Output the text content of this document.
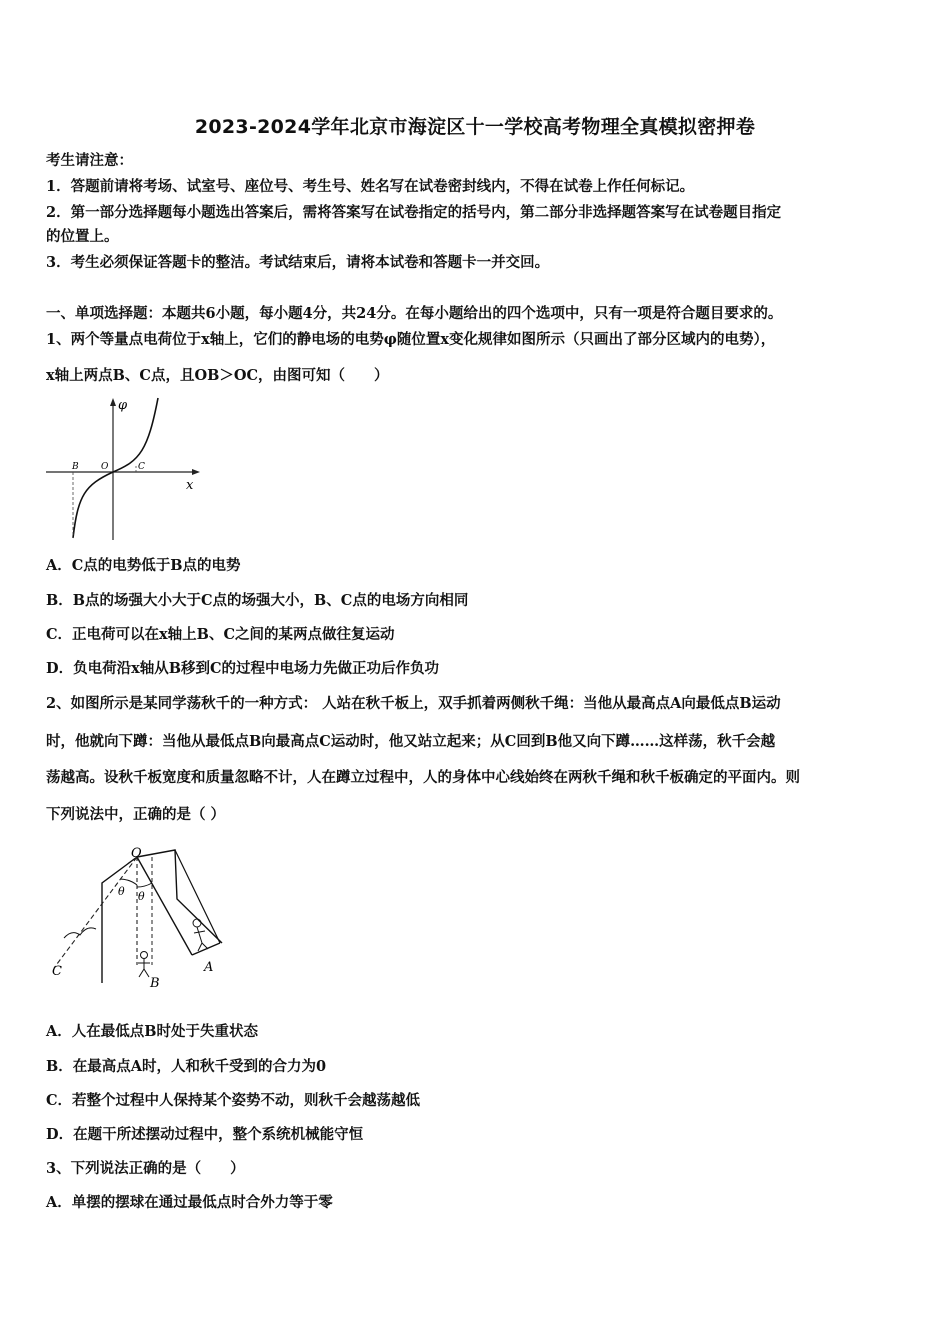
2023-2024学年北京市海淀区十一学校高考物理全真模拟密押卷
考生请注意：
1．答题前请将考场、试室号、座位号、考生号、姓名写在试卷密封线内，不得在试卷上作任何标记。
2．第一部分选择题每小题选出答案后，需将答案写在试卷指定的括号内，第二部分非选择题答案写在试卷题目指定
的位置上。
3．考生必须保证答题卡的整洁。考试结束后，请将本试卷和答题卡一并交回。
一、单项选择题：本题共6小题，每小题4分，共24分。在每小题给出的四个选项中，只有一项是符合题目要求的。
1、两个等量点电荷位于x轴上，它们的静电场的电势φ随位置x变化规律如图所示（只画出了部分区域内的电势），
x轴上两点B、C点，且OB＞OC，由图可知（　　）
φ
x
B O	C
A．C点的电势低于B点的电势
B．B点的场强大小大于C点的场强大小，B、C点的电场方向相同
C．正电荷可以在x轴上B、C之间的某两点做往复运动
D．负电荷沿x轴从B移到C的过程中电场力先做正功后作负功
2、如图所示是某同学荡秋千的一种方式： 人站在秋千板上，双手抓着两侧秋千绳：当他从最高点A向最低点B运动
时，他就向下蹲：当他从最低点B向最高点C运动时，他又站立起来；从C回到B他又向下蹲……这样荡，秋千会越
荡越高。设秋千板宽度和质量忽略不计，人在蹲立过程中，人的身体中心线始终在两秋千绳和秋千板确定的平面内。则
下列说法中，正确的是（ ）
O
θ θ
A
B
C
A．人在最低点B时处于失重状态
B．在最高点A时，人和秋千受到的合力为0
C．若整个过程中人保持某个姿势不动，则秋千会越荡越低
D．在题干所述摆动过程中，整个系统机械能守恒
3、下列说法正确的是（　　）
A．单摆的摆球在通过最低点时合外力等于零
